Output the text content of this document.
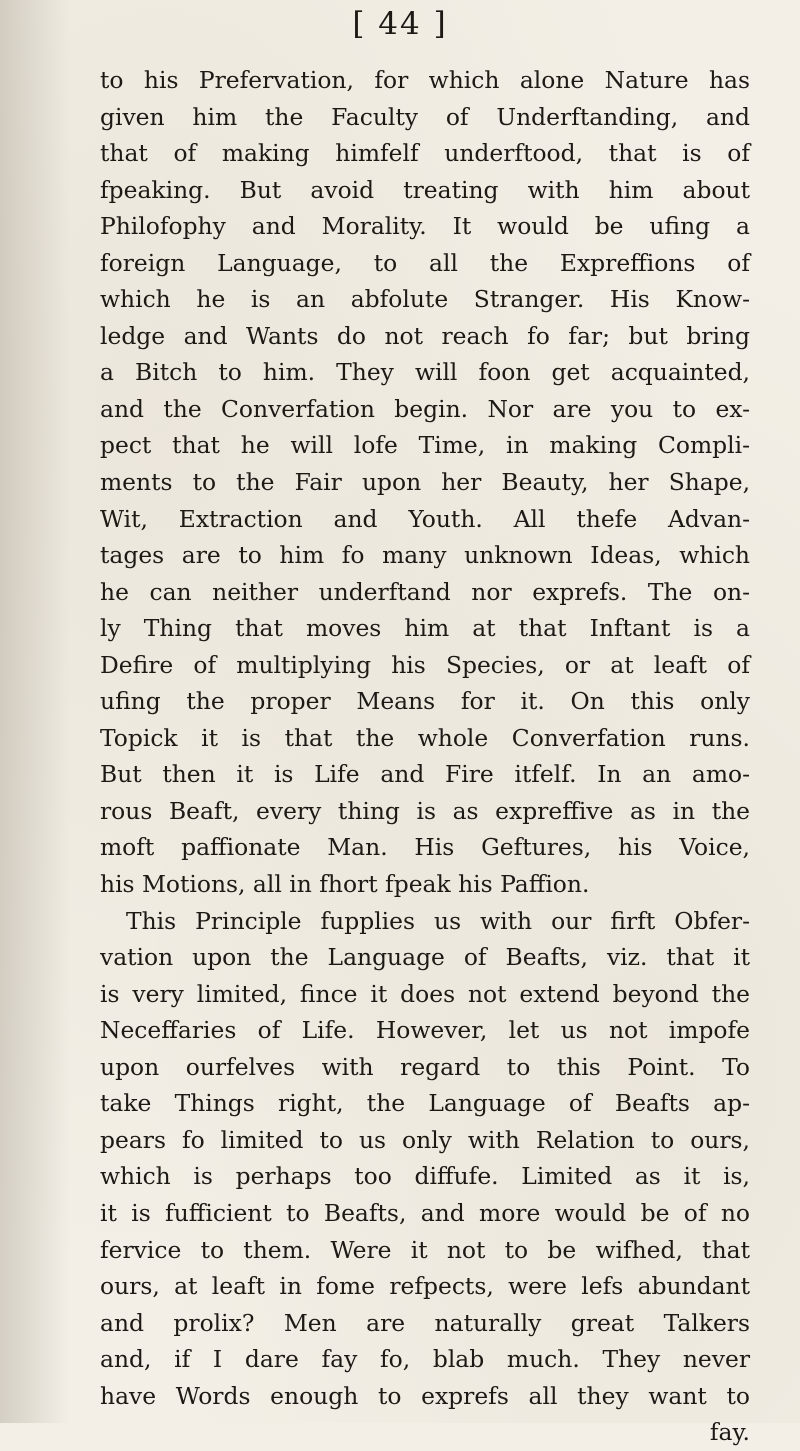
[ 44 ]
to his Prefervation, for which alone Nature has
given him the Faculty of Underftanding, and
that of making himfelf underftood, that is of
fpeaking. But avoid treating with him about
Philofophy and Morality. It would be ufing a
foreign Language, to all the Expreffions of
which he is an abfolute Stranger. His Know-
ledge and Wants do not reach fo far; but bring
a Bitch to him. They will foon get acquainted,
and the Converfation begin. Nor are you to ex-
pect that he will lofe Time, in making Compli-
ments to the Fair upon her Beauty, her Shape,
Wit, Extraction and Youth. All thefe Advan-
tages are to him fo many unknown Ideas, which
he can neither underftand nor exprefs. The on-
ly Thing that moves him at that Inftant is a
Defire of multiplying his Species, or at leaft of
ufing the proper Means for it. On this only
Topick it is that the whole Converfation runs.
But then it is Life and Fire itfelf. In an amo-
rous Beaft, every thing is as expreffive as in the
moft paffionate Man. His Geftures, his Voice,
his Motions, all in fhort fpeak his Paffion.
This Principle fupplies us with our firft Obfer-
vation upon the Language of Beafts, viz. that it
is very limited, fince it does not extend beyond the
Neceffaries of Life. However, let us not impofe
upon ourfelves with regard to this Point. To
take Things right, the Language of Beafts ap-
pears fo limited to us only with Relation to ours,
which is perhaps too diffufe. Limited as it is,
it is fufficient to Beafts, and more would be of no
fervice to them. Were it not to be wifhed, that
ours, at leaft in fome refpects, were lefs abundant
and prolix? Men are naturally great Talkers
and, if I dare fay fo, blab much. They never
have Words enough to exprefs all they want to
fay.
